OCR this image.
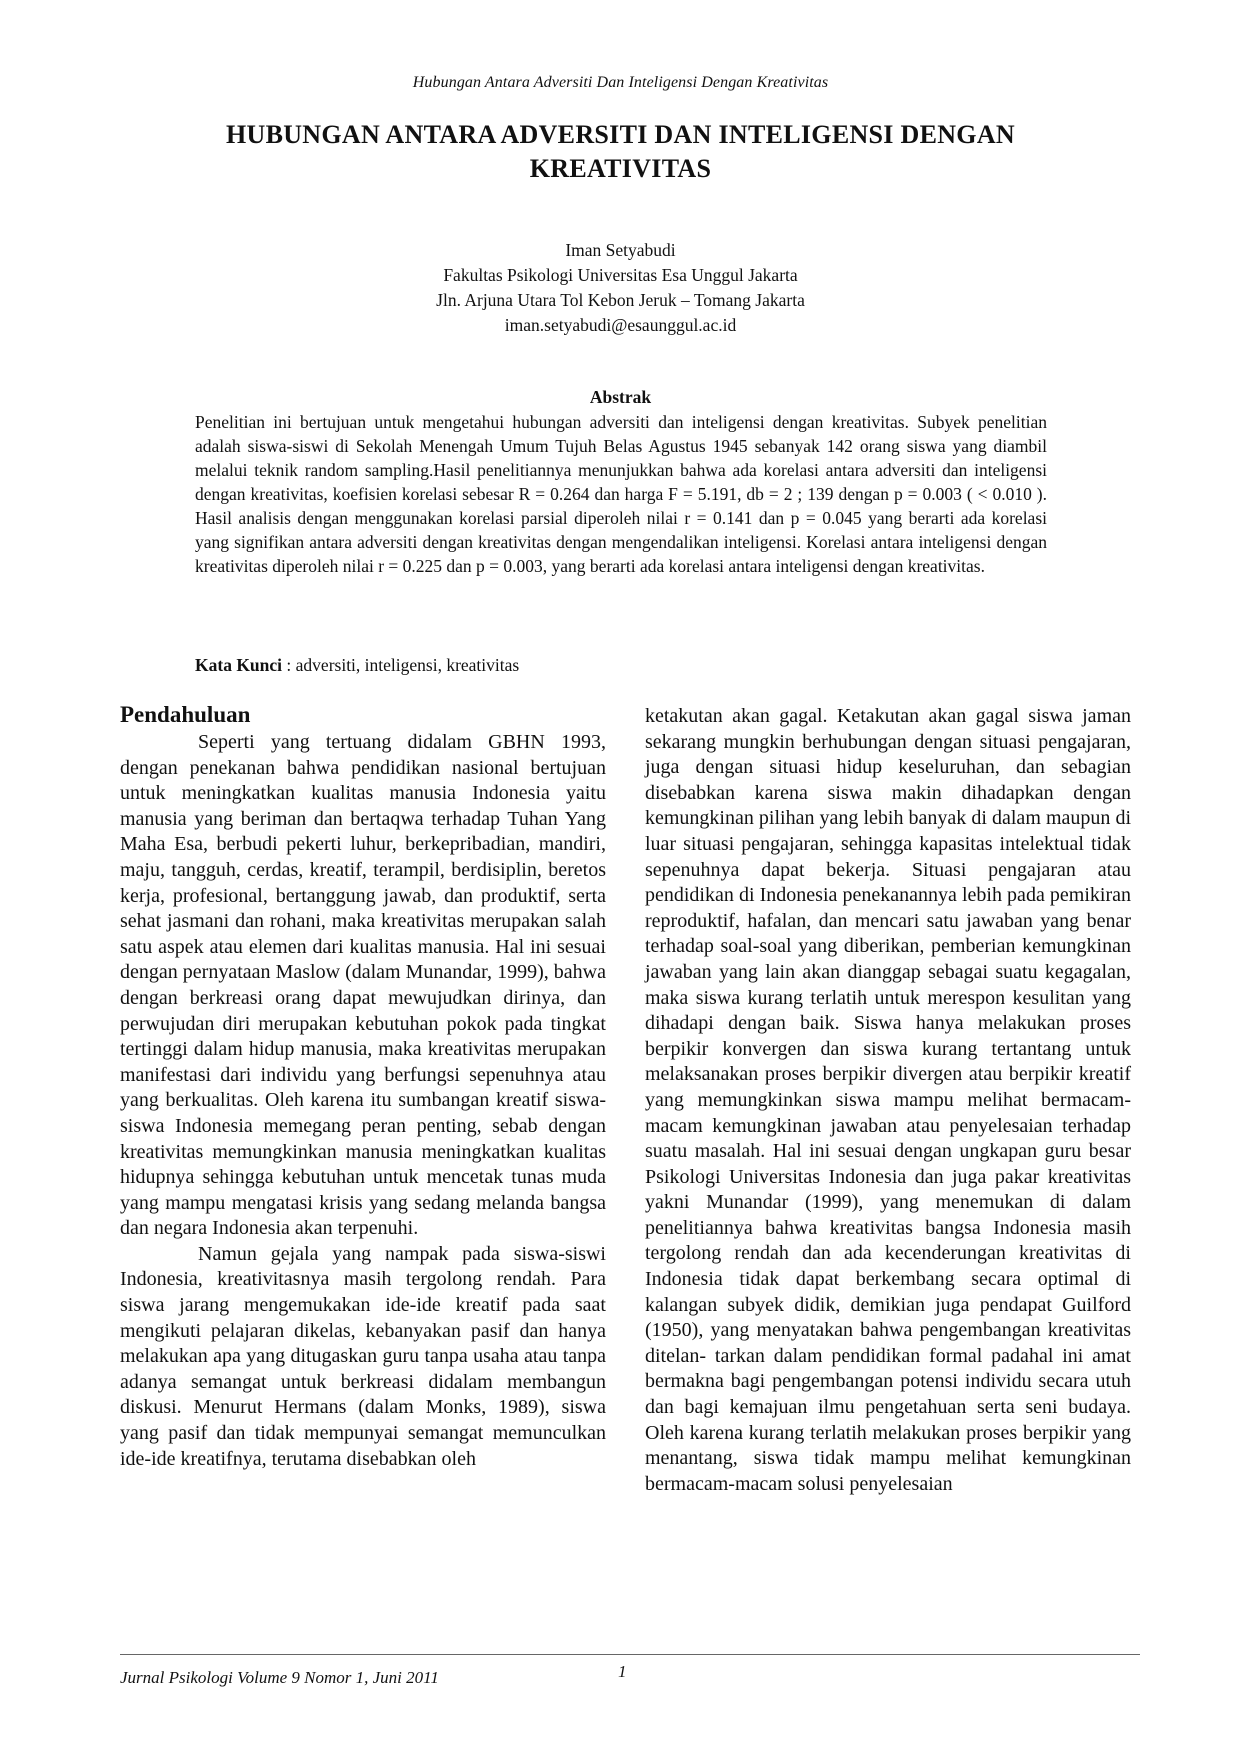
Hubungan Antara Adversiti Dan Inteligensi Dengan Kreativitas
HUBUNGAN ANTARA ADVERSITI DAN INTELIGENSI DENGAN
KREATIVITAS
Iman Setyabudi
Fakultas Psikologi Universitas Esa Unggul Jakarta
Jln. Arjuna Utara Tol Kebon Jeruk – Tomang Jakarta
iman.setyabudi@esaunggul.ac.id
Abstrak

Penelitian ini bertujuan untuk mengetahui hubungan adversiti dan inteligensi dengan kreativitas. Subyek penelitian adalah siswa-siswi di Sekolah Menengah Umum Tujuh Belas Agustus 1945 sebanyak 142 orang siswa yang diambil melalui teknik random sampling.Hasil penelitiannya menunjukkan bahwa ada korelasi antara adversiti dan inteligensi dengan kreativitas, koefisien korelasi sebesar R = 0.264 dan harga F = 5.191, db = 2 ; 139 dengan p = 0.003 ( < 0.010 ). Hasil analisis dengan menggunakan korelasi parsial diperoleh nilai r = 0.141 dan p = 0.045 yang berarti ada korelasi yang signifikan antara adversiti dengan kreativitas dengan mengendalikan inteligensi. Korelasi antara inteligensi dengan kreativitas diperoleh nilai r = 0.225 dan p = 0.003, yang berarti ada korelasi antara inteligensi dengan kreativitas.

Kata Kunci : adversiti, inteligensi, kreativitas
Pendahuluan

Seperti yang tertuang didalam GBHN 1993, dengan penekanan bahwa pendidikan nasional bertujuan untuk meningkatkan kualitas manusia Indonesia yaitu manusia yang beriman dan bertaqwa terhadap Tuhan Yang Maha Esa, berbudi pekerti luhur, berkepribadian, mandiri, maju, tangguh, cerdas, kreatif, terampil, berdisiplin, beretos kerja, profesional, bertanggung jawab, dan produktif, serta sehat jasmani dan rohani, maka kreativitas merupakan salah satu aspek atau elemen dari kualitas manusia. Hal ini sesuai dengan pernyataan Maslow (dalam Munandar, 1999), bahwa dengan berkreasi orang dapat mewujudkan dirinya, dan perwujudan diri merupakan kebutuhan pokok pada tingkat tertinggi dalam hidup manusia, maka kreativitas merupakan manifestasi dari individu yang berfungsi sepenuhnya atau yang berkualitas. Oleh karena itu sumbangan kreatif siswa-siswa Indonesia memegang peran penting, sebab dengan kreativitas memungkinkan manusia meningkatkan kualitas hidupnya sehingga kebutuhan untuk mencetak tunas muda yang mampu mengatasi krisis yang sedang melanda bangsa dan negara Indonesia akan terpenuhi.

Namun gejala yang nampak pada siswa-siswi Indonesia, kreativitasnya masih tergolong rendah. Para siswa jarang mengemukakan ide-ide kreatif pada saat mengikuti pelajaran dikelas, kebanyakan pasif dan hanya melakukan apa yang ditugaskan guru tanpa usaha atau tanpa adanya semangat untuk berkreasi didalam membangun diskusi. Menurut Hermans (dalam Monks, 1989), siswa yang pasif dan tidak mempunyai semangat memunculkan ide-ide kreatifnya, terutama disebabkan oleh

ketakutan akan gagal. Ketakutan akan gagal siswa jaman sekarang mungkin berhubungan dengan situasi pengajaran, juga dengan situasi hidup keseluruhan, dan sebagian disebabkan karena siswa makin dihadapkan dengan kemungkinan pilihan yang lebih banyak di dalam maupun di luar situasi pengajaran, sehingga kapasitas intelektual tidak sepenuhnya dapat bekerja. Situasi pengajaran atau pendidikan di Indonesia penekanannya lebih pada pemikiran reproduktif, hafalan, dan mencari satu jawaban yang benar terhadap soal-soal yang diberikan, pemberian kemungkinan jawaban yang lain akan dianggap sebagai suatu kegagalan, maka siswa kurang terlatih untuk merespon kesulitan yang dihadapi dengan baik. Siswa hanya melakukan proses berpikir konvergen dan siswa kurang tertantang untuk melaksanakan proses berpikir divergen atau berpikir kreatif yang memungkinkan siswa mampu melihat bermacam-macam kemungkinan jawaban atau penyelesaian terhadap suatu masalah. Hal ini sesuai dengan ungkapan guru besar Psikologi Universitas Indonesia dan juga pakar kreativitas yakni Munandar (1999), yang menemukan di dalam penelitiannya bahwa kreativitas bangsa Indonesia masih tergolong rendah dan ada kecenderungan kreativitas di Indonesia tidak dapat berkembang secara optimal di kalangan subyek didik, demikian juga pendapat Guilford (1950), yang menyatakan bahwa pengembangan kreativitas ditelan- tarkan dalam pendidikan formal padahal ini amat bermakna bagi pengembangan potensi individu secara utuh dan bagi kemajuan ilmu pengetahuan serta seni budaya. Oleh karena kurang terlatih melakukan proses berpikir yang menantang, siswa tidak mampu melihat kemungkinan bermacam-macam solusi penyelesaian

Jurnal Psikologi Volume 9 Nomor 1, Juni 2011	1
